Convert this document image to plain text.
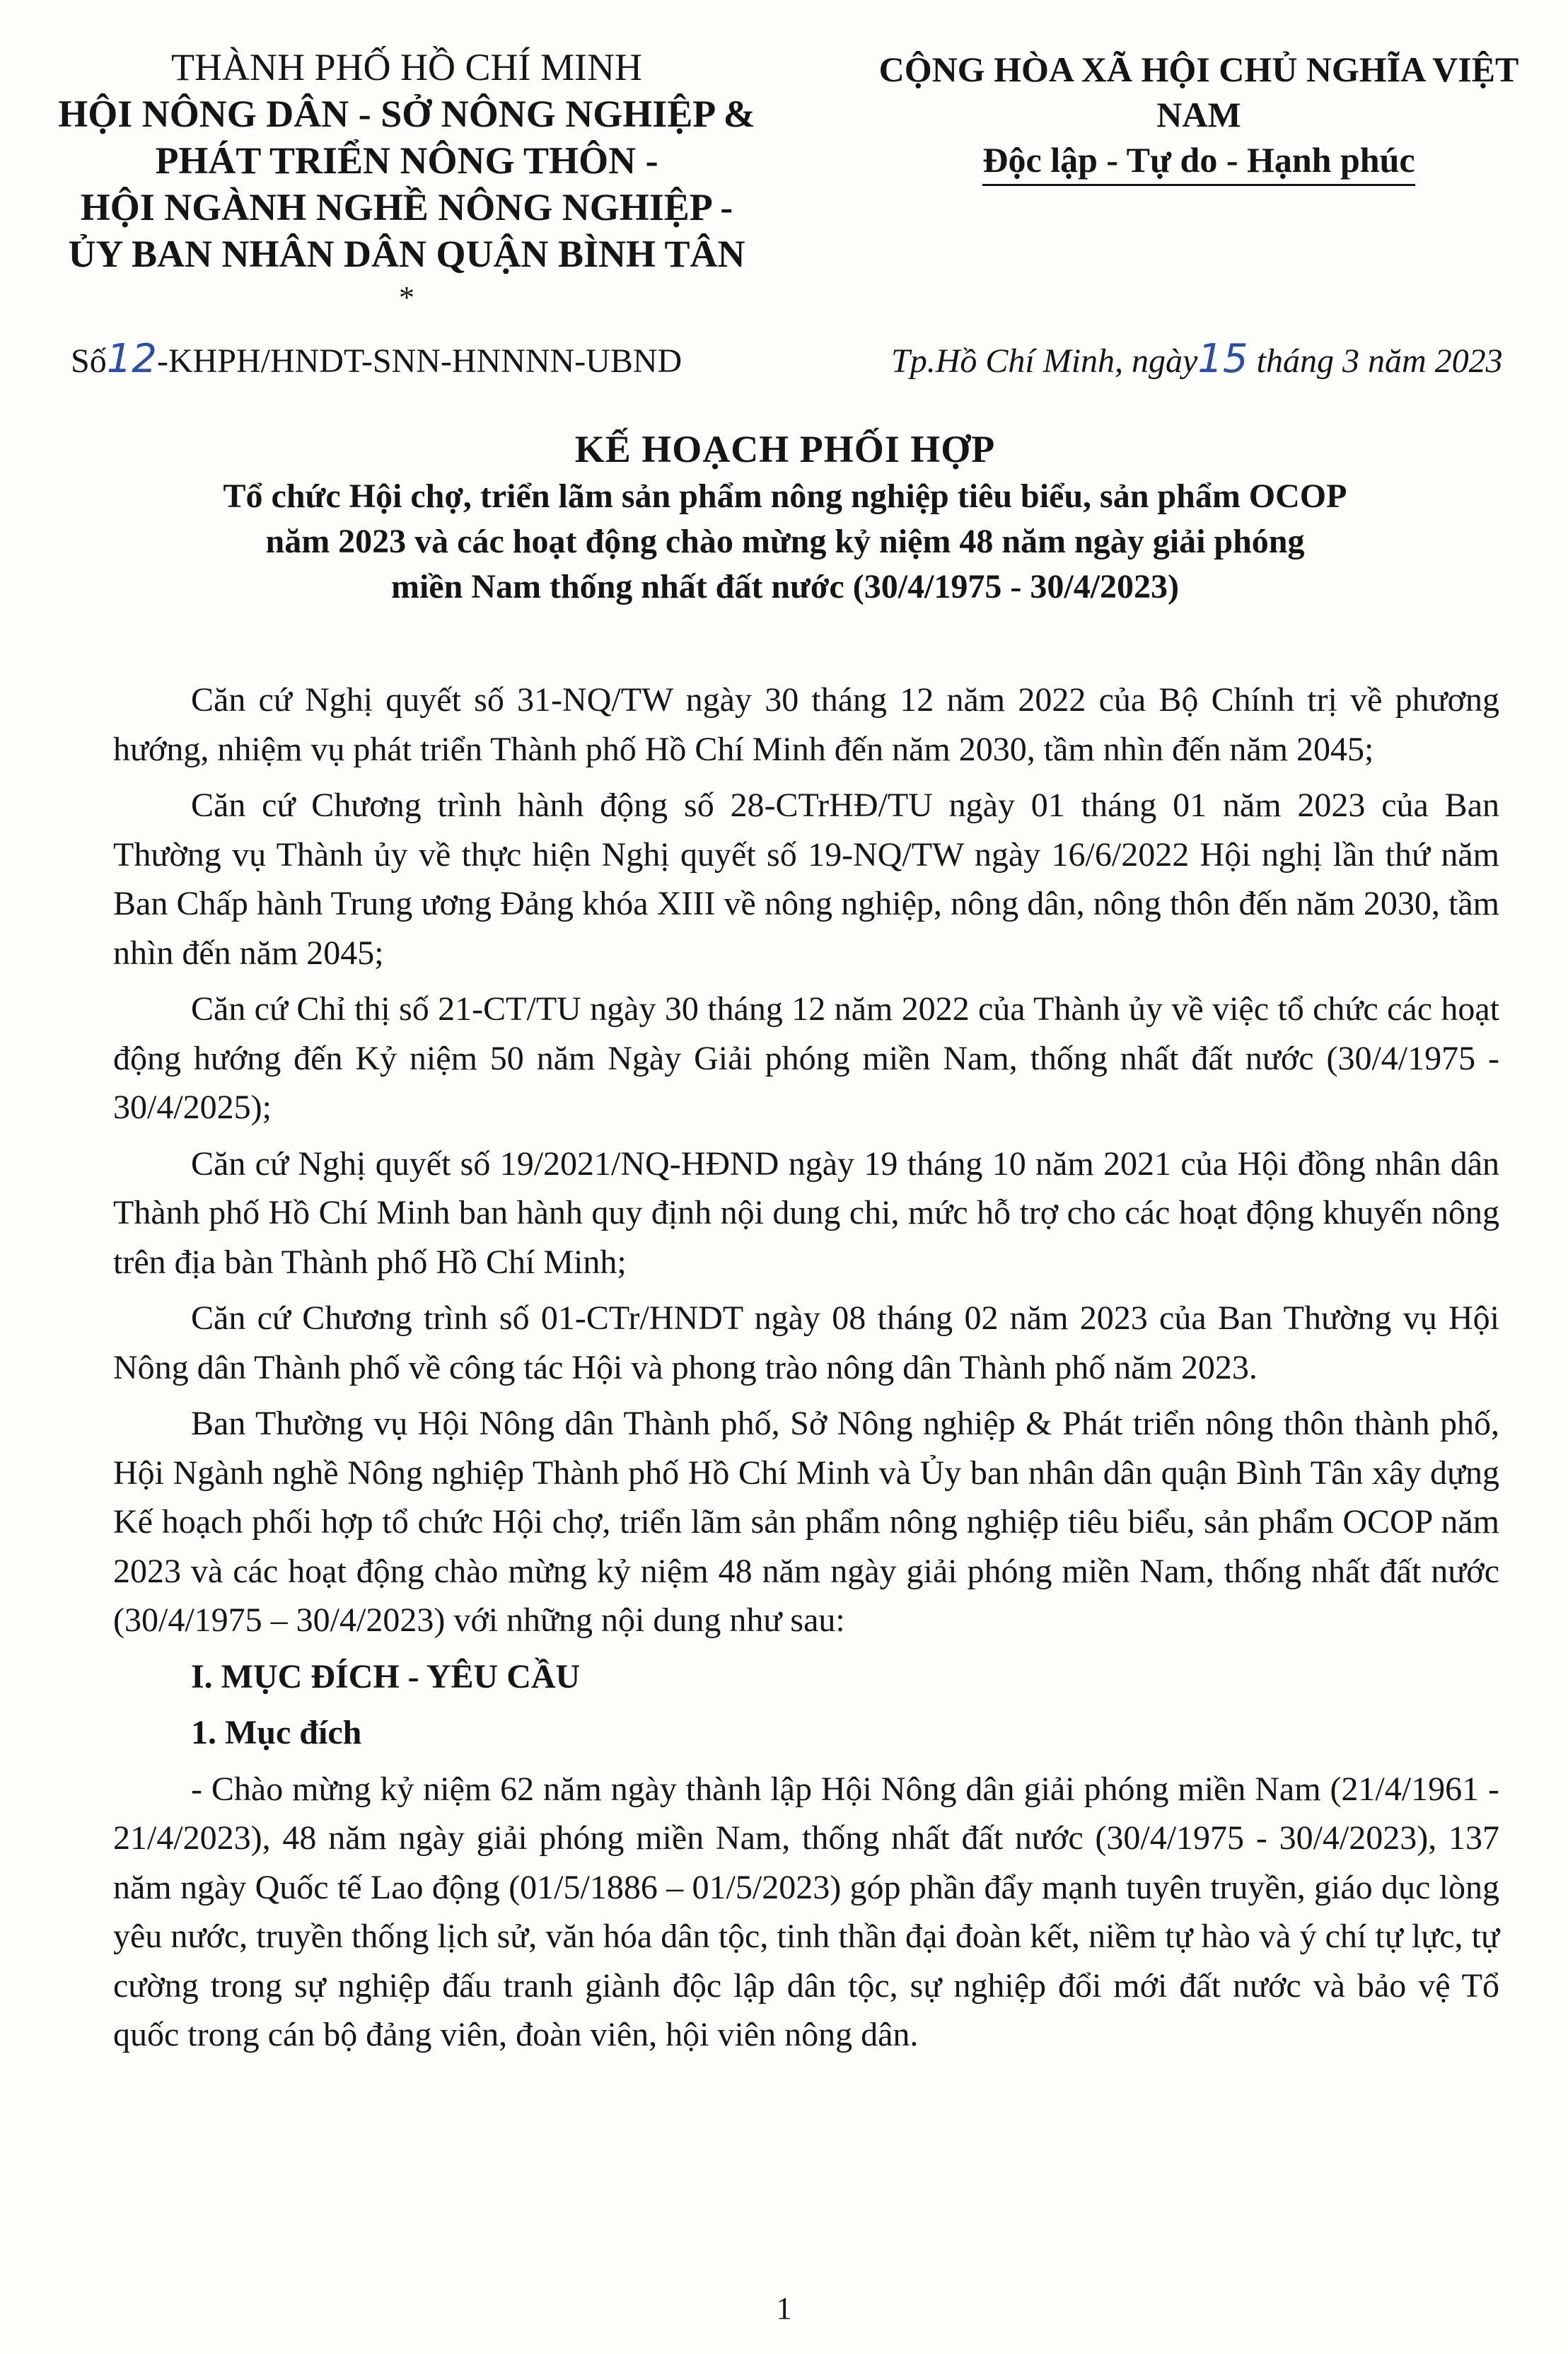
THÀNH PHỐ HỒ CHÍ MINH
HỘI NÔNG DÂN - SỞ NÔNG NGHIỆP &
PHÁT TRIỂN NÔNG THÔN -
HỘI NGÀNH NGHỀ NÔNG NGHIỆP -
ỦY BAN NHÂN DÂN QUẬN BÌNH TÂN
*
CỘNG HÒA XÃ HỘI CHỦ NGHĨA VIỆT NAM
Độc lập - Tự do - Hạnh phúc
Số12-KHPH/HNDT-SNN-HNNNN-UBND	Tp.Hồ Chí Minh, ngày15 tháng 3 năm 2023
KẾ HOẠCH PHỐI HỢP
Tổ chức Hội chợ, triển lãm sản phẩm nông nghiệp tiêu biểu, sản phẩm OCOP
năm 2023 và các hoạt động chào mừng kỷ niệm 48 năm ngày giải phóng
miền Nam thống nhất đất nước (30/4/1975 - 30/4/2023)

Căn cứ Nghị quyết số 31-NQ/TW ngày 30 tháng 12 năm 2022 của Bộ Chính trị về phương hướng, nhiệm vụ phát triển Thành phố Hồ Chí Minh đến năm 2030, tầm nhìn đến năm 2045;

Căn cứ Chương trình hành động số 28-CTrHĐ/TU ngày 01 tháng 01 năm 2023 của Ban Thường vụ Thành ủy về thực hiện Nghị quyết số 19-NQ/TW ngày 16/6/2022 Hội nghị lần thứ năm Ban Chấp hành Trung ương Đảng khóa XIII về nông nghiệp, nông dân, nông thôn đến năm 2030, tầm nhìn đến năm 2045;

Căn cứ Chỉ thị số 21-CT/TU ngày 30 tháng 12 năm 2022 của Thành ủy về việc tổ chức các hoạt động hướng đến Kỷ niệm 50 năm Ngày Giải phóng miền Nam, thống nhất đất nước (30/4/1975 - 30/4/2025);

Căn cứ Nghị quyết số 19/2021/NQ-HĐND ngày 19 tháng 10 năm 2021 của Hội đồng nhân dân Thành phố Hồ Chí Minh ban hành quy định nội dung chi, mức hỗ trợ cho các hoạt động khuyến nông trên địa bàn Thành phố Hồ Chí Minh;

Căn cứ Chương trình số 01-CTr/HNDT ngày 08 tháng 02 năm 2023 của Ban Thường vụ Hội Nông dân Thành phố về công tác Hội và phong trào nông dân Thành phố năm 2023.

Ban Thường vụ Hội Nông dân Thành phố, Sở Nông nghiệp & Phát triển nông thôn thành phố, Hội Ngành nghề Nông nghiệp Thành phố Hồ Chí Minh và Ủy ban nhân dân quận Bình Tân xây dựng Kế hoạch phối hợp tổ chức Hội chợ, triển lãm sản phẩm nông nghiệp tiêu biểu, sản phẩm OCOP năm 2023 và các hoạt động chào mừng kỷ niệm 48 năm ngày giải phóng miền Nam, thống nhất đất nước (30/4/1975 – 30/4/2023) với những nội dung như sau:

I. MỤC ĐÍCH - YÊU CẦU

1. Mục đích

- Chào mừng kỷ niệm 62 năm ngày thành lập Hội Nông dân giải phóng miền Nam (21/4/1961 - 21/4/2023), 48 năm ngày giải phóng miền Nam, thống nhất đất nước (30/4/1975 - 30/4/2023), 137 năm ngày Quốc tế Lao động (01/5/1886 – 01/5/2023) góp phần đẩy mạnh tuyên truyền, giáo dục lòng yêu nước, truyền thống lịch sử, văn hóa dân tộc, tinh thần đại đoàn kết, niềm tự hào và ý chí tự lực, tự cường trong sự nghiệp đấu tranh giành độc lập dân tộc, sự nghiệp đổi mới đất nước và bảo vệ Tổ quốc trong cán bộ đảng viên, đoàn viên, hội viên nông dân.

1
